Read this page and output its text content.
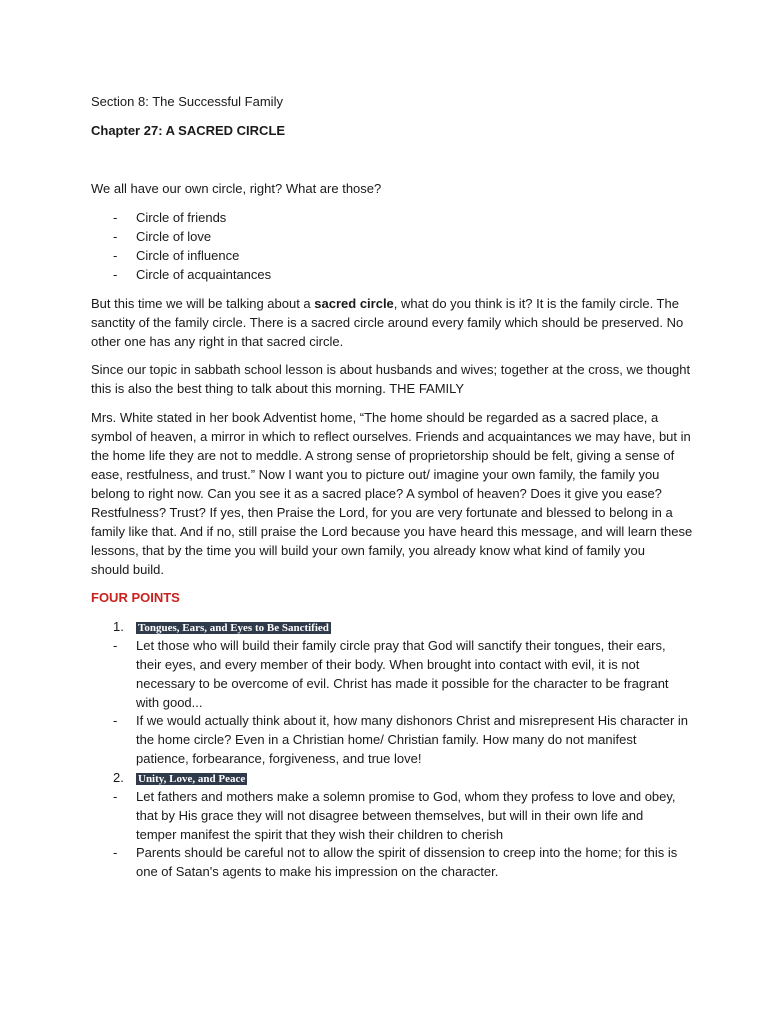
Section 8: The Successful Family
Chapter 27: A SACRED CIRCLE
We all have our own circle, right? What are those?
- Circle of friends
- Circle of love
- Circle of influence
- Circle of acquaintances
But this time we will be talking about a sacred circle, what do you think is it? It is the family circle. The
sanctity of the family circle. There is a sacred circle around every family which should be preserved. No
other one has any right in that sacred circle.
Since our topic in sabbath school lesson is about husbands and wives; together at the cross, we thought
this is also the best thing to talk about this morning. THE FAMILY
Mrs. White stated in her book Adventist home, “The home should be regarded as a sacred place, a
symbol of heaven, a mirror in which to reflect ourselves. Friends and acquaintances we may have, but in
the home life they are not to meddle. A strong sense of proprietorship should be felt, giving a sense of
ease, restfulness, and trust.” Now I want you to picture out/ imagine your own family, the family you
belong to right now. Can you see it as a sacred place? A symbol of heaven? Does it give you ease?
Restfulness? Trust? If yes, then Praise the Lord, for you are very fortunate and blessed to belong in a
family like that. And if no, still praise the Lord because you have heard this message, and will learn these
lessons, that by the time you will build your own family, you already know what kind of family you
should build.
FOUR POINTS
1. Tongues, Ears, and Eyes to Be Sanctified
- Let those who will build their family circle pray that God will sanctify their tongues, their ears,
their eyes, and every member of their body. When brought into contact with evil, it is not
necessary to be overcome of evil. Christ has made it possible for the character to be fragrant
with good...
- If we would actually think about it, how many dishonors Christ and misrepresent His character in
the home circle? Even in a Christian home/ Christian family. How many do not manifest
patience, forbearance, forgiveness, and true love!
2. Unity, Love, and Peace
- Let fathers and mothers make a solemn promise to God, whom they profess to love and obey,
that by His grace they will not disagree between themselves, but will in their own life and
temper manifest the spirit that they wish their children to cherish
- Parents should be careful not to allow the spirit of dissension to creep into the home; for this is
one of Satan's agents to make his impression on the character.
